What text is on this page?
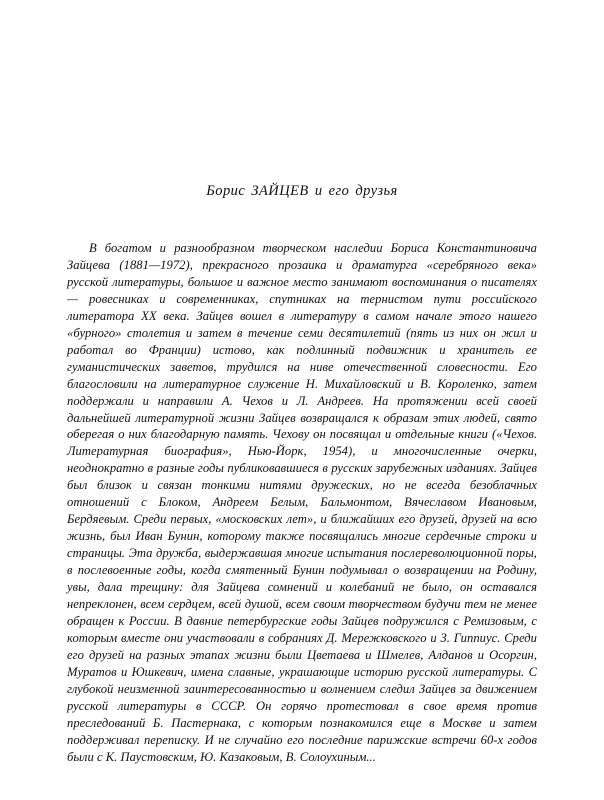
Борис ЗАЙЦЕВ и его друзья

В богатом и разнообразном творческом наследии Бориса Константиновича Зайцева (1881—1972), прекрасного прозаика и драматурга «серебряного века» русской литературы, большое и важное место занимают воспоминания о писателях — ровесниках и современниках, спутниках на тернистом пути российского литератора XX века. Зайцев вошел в литературу в самом начале этого нашего «бурного» столетия и затем в течение семи десятилетий (пять из них он жил и работал во Франции) истово, как подлинный подвижник и хранитель ее гуманистических заветов, трудился на ниве отечественной словесности. Его благословили на литературное служение Н. Михайловский и В. Короленко, затем поддержали и направили А. Чехов и Л. Андреев. На протяжении всей своей дальнейшей литературной жизни Зайцев возвращался к образам этих людей, свято оберегая о них благодарную память. Чехову он посвящал и отдельные книги («Чехов. Литературная биография», Нью-Йорк, 1954), и многочисленные очерки, неоднократно в разные годы публиковавшиеся в русских зарубежных изданиях. Зайцев был близок и связан тонкими нитями дружеских, но не всегда безоблачных отношений с Блоком, Андреем Белым, Бальмонтом, Вячеславом Ивановым, Бердяевым. Среди первых, «московских лет», и ближайших его друзей, друзей на всю жизнь, был Иван Бунин, которому также посвящались многие сердечные строки и страницы. Эта дружба, выдержавшая многие испытания послереволюционной поры, в послевоенные годы, когда смятенный Бунин подумывал о возвращении на Родину, увы, дала трещину: для Зайцева сомнений и колебаний не было, он оставался непреклонен, всем сердцем, всей душой, всем своим творчеством будучи тем не менее обращен к России. В давние петербургские годы Зайцев подружился с Ремизовым, с которым вместе они участвовали в собраниях Д. Мережковского и З. Гиппиус. Среди его друзей на разных этапах жизни были Цветаева и Шмелев, Алданов и Осоргин, Муратов и Юшкевич, имена славные, украшающие историю русской литературы. С глубокой неизменной заинтересованностью и волнением следил Зайцев за движением русской литературы в СССР. Он горячо протестовал в свое время против преследований Б. Пастернака, с которым познакомился еще в Москве и затем поддерживал переписку. И не случайно его последние парижские встречи 60-х годов были с К. Паустовским, Ю. Казаковым, В. Солоухиным...
